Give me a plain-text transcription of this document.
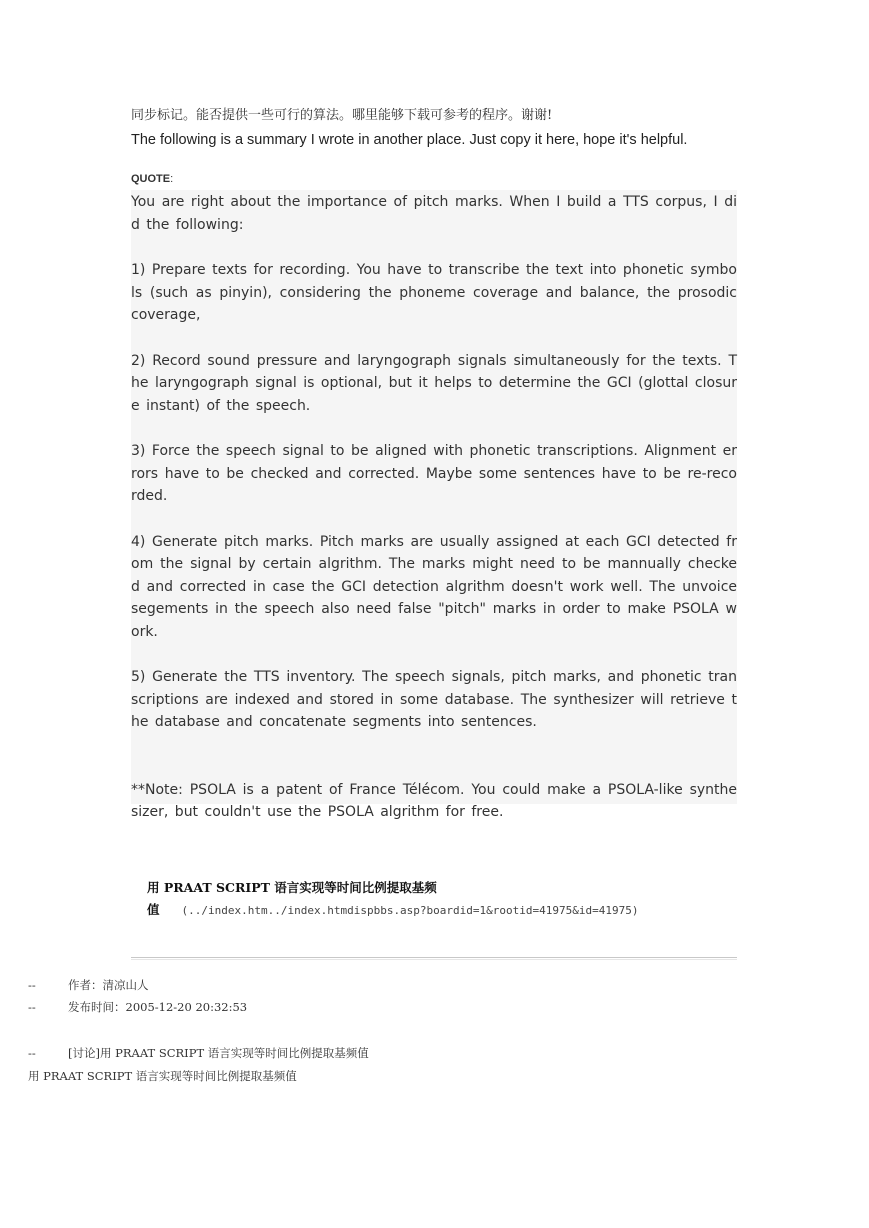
同步标记。能否提供一些可行的算法。哪里能够下载可参考的程序。谢谢!
The following is a summary I wrote in another place. Just copy it here, hope it's helpful.
QUOTE:

You are right about the importance of pitch marks. When I build a TTS corpus, I did the following:

1) Prepare texts for recording. You have to transcribe the text into phonetic symbols (such as pinyin), considering the phoneme coverage and balance, the prosodic coverage,

2) Record sound pressure and laryngograph signals simultaneously for the texts. The laryngograph signal is optional, but it helps to determine the GCI (glottal closure instant) of the speech.

3) Force the speech signal to be aligned with phonetic transcriptions. Alignment errors have to be checked and corrected. Maybe some sentences have to be re-recorded.

4) Generate pitch marks. Pitch marks are usually assigned at each GCI detected from the signal by certain algrithm. The marks might need to be mannually checked and corrected in case the GCI detection algrithm doesn't work well. The unvoice segements in the speech also need false "pitch" marks in order to make PSOLA work.

5) Generate the TTS inventory. The speech signals, pitch marks, and phonetic transcriptions are indexed and stored in some database. The synthesizer will retrieve the database and concatenate segments into sentences.

**Note: PSOLA is a patent of France Télécom. You could make a PSOLA-like synthesizer, but couldn't use the PSOLA algrithm for free.

用 PRAAT SCRIPT 语言实现等时间比例提取基频
值 (../index.htm../index.htmdispbbs.asp?boardid=1&rootid=41975&id=41975)
--	作者：清凉山人
--	发布时间：2005-12-20 20:32:53
--	[讨论]用 PRAAT SCRIPT 语言实现等时间比例提取基频值
用 PRAAT SCRIPT 语言实现等时间比例提取基频值
